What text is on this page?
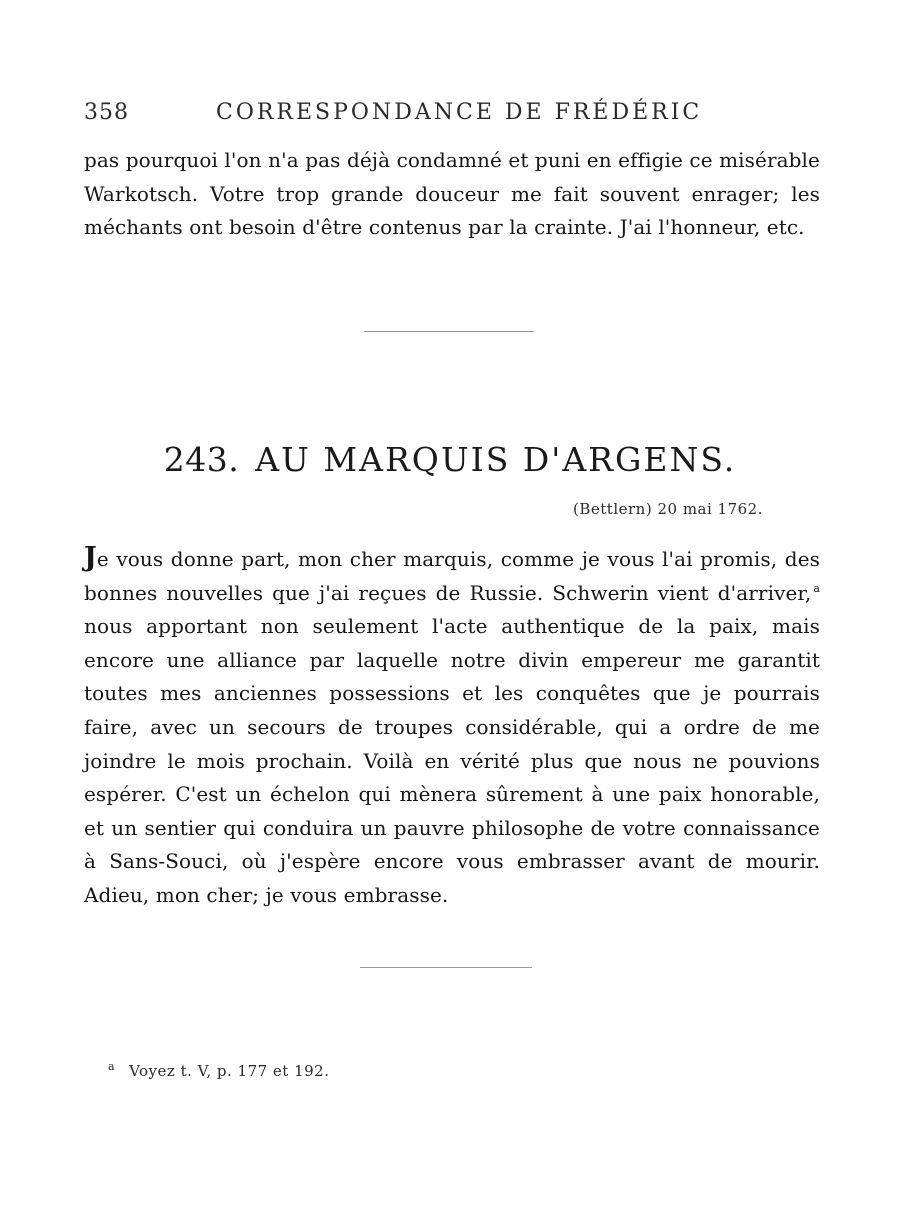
358	CORRESPONDANCE DE FRÉDÉRIC

pas pourquoi l'on n'a pas déjà condamné et puni en effigie ce misérable Warkotsch. Votre trop grande douceur me fait souvent enrager; les méchants ont besoin d'être contenus par la crainte. J'ai l'honneur, etc.

243. AU MARQUIS D'ARGENS.
(Bettlern) 20 mai 1762.

Je vous donne part, mon cher marquis, comme je vous l'ai promis, des bonnes nouvelles que j'ai reçues de Russie. Schwerin vient d'arriver, $^a$ nous apportant non seulement l'acte authentique de la paix, mais encore une alliance par laquelle notre divin empereur me garantit toutes mes anciennes possessions et les conquêtes que je pourrais faire, avec un secours de troupes considérable, qui a ordre de me joindre le mois prochain. Voilà en vérité plus que nous ne pouvions espérer. C'est un échelon qui mènera sûrement à une paix honorable, et un sentier qui conduira un pauvre philosophe de votre connaissance à Sans-Souci, où j'espère encore vous embrasser avant de mourir. Adieu, mon cher; je vous embrasse.

$^a$ Voyez t. V, p. 177 et 192.
